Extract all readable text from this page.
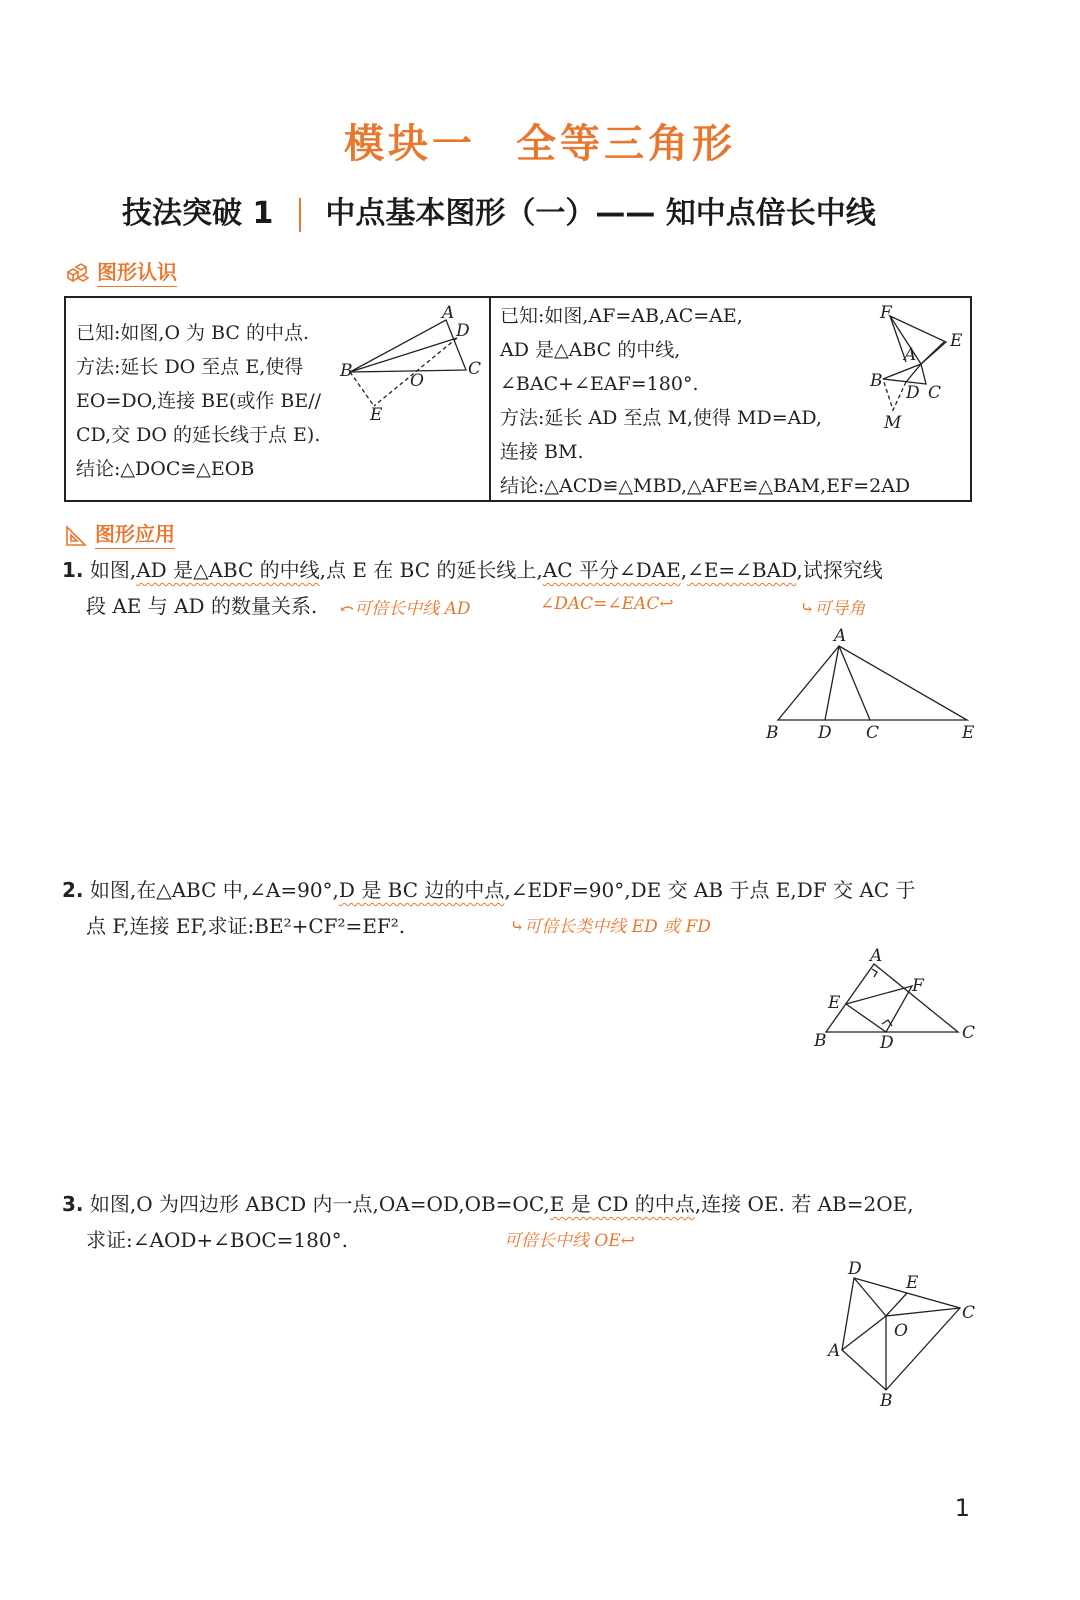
模块一 全等三角形
技法突破 1 中点基本图形（一）—— 知中点倍长中线
图形认识
已知:如图,O 为 BC 的中点.
方法:延长 DO 至点 E,使得
EO=DO,连接 BE(或作 BE//
CD,交 DO 的延长线于点 E).
结论:△DOC≌△EOB
A
D
B	C
O
E
已知:如图,AF=AB,AC=AE,
AD 是△ABC 的中线,
∠BAC+∠EAF=180°.
方法:延长 AD 至点 M,使得 MD=AD,
连接 BM.
结论:△ACD≌△MBD,△AFE≌△BAM,EF=2AD
F
E
A
B
D C
M
图形应用
1. 如图,AD 是△ABC 的中线,点 E 在 BC 的延长线上,AC 平分∠DAE,∠E=∠BAD,试探究线
段 AE 与 AD 的数量关系. ⤺可倍长中线 AD	∠DAC=∠EAC↩	⤷可导角
A
B D C	E
2. 如图,在△ABC 中,∠A=90°,D 是 BC 边的中点,∠EDF=90°,DE 交 AB 于点 E,DF 交 AC 于
点 F,连接 EF,求证:BE²+CF²=EF².	⤷可倍长类中线 ED 或 FD
A
F
E
B	D	C
3. 如图,O 为四边形 ABCD 内一点,OA=OD,OB=OC,E 是 CD 的中点,连接 OE. 若 AB=2OE,
求证:∠AOD+∠BOC=180°.	可倍长中线 OE↩
D
E
C
O
A
B
1
